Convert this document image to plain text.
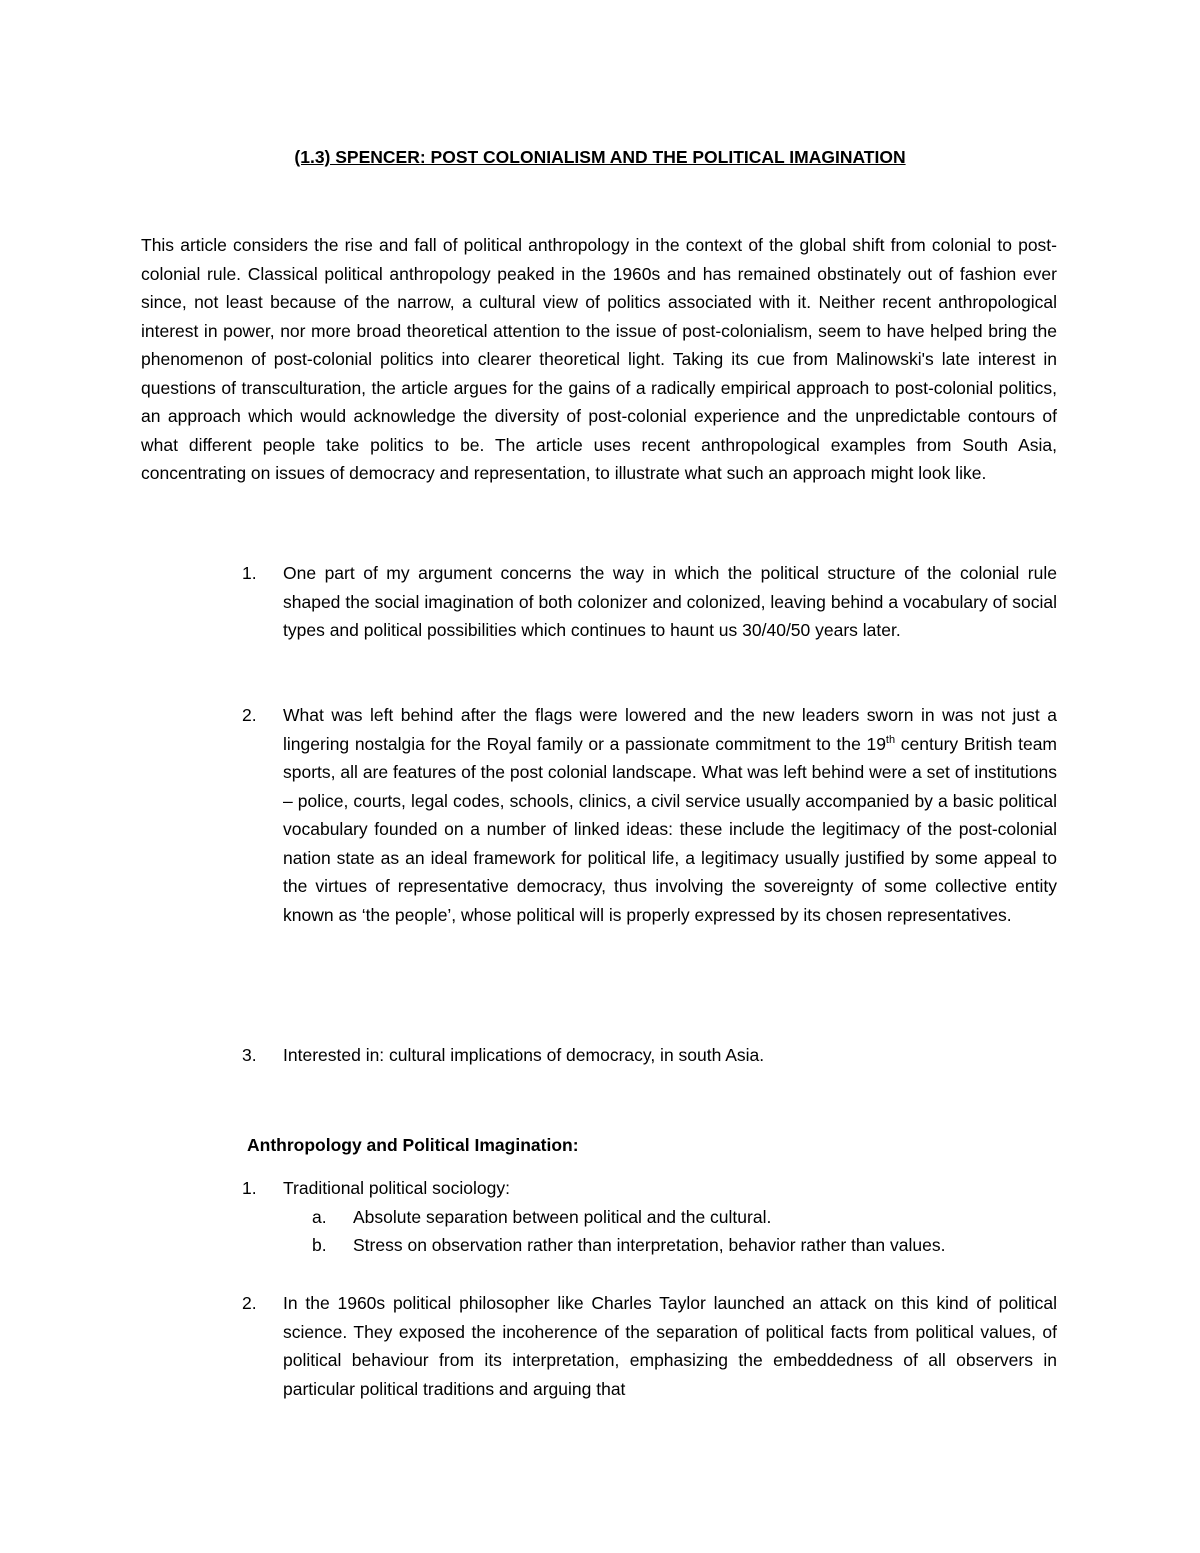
(1.3) SPENCER: POST COLONIALISM AND THE POLITICAL IMAGINATION
This article considers the rise and fall of political anthropology in the context of the global shift from colonial to post-colonial rule. Classical political anthropology peaked in the 1960s and has remained obstinately out of fashion ever since, not least because of the narrow, a cultural view of politics associated with it. Neither recent anthropological interest in power, nor more broad theoretical attention to the issue of post-colonialism, seem to have helped bring the phenomenon of post-colonial politics into clearer theoretical light. Taking its cue from Malinowski's late interest in questions of transculturation, the article argues for the gains of a radically empirical approach to post-colonial politics, an approach which would acknowledge the diversity of post-colonial experience and the unpredictable contours of what different people take politics to be. The article uses recent anthropological examples from South Asia, concentrating on issues of democracy and representation, to illustrate what such an approach might look like.
1. One part of my argument concerns the way in which the political structure of the colonial rule shaped the social imagination of both colonizer and colonized, leaving behind a vocabulary of social types and political possibilities which continues to haunt us 30/40/50 years later.
2. What was left behind after the flags were lowered and the new leaders sworn in was not just a lingering nostalgia for the Royal family or a passionate commitment to the 19th century British team sports, all are features of the post colonial landscape. What was left behind were a set of institutions – police, courts, legal codes, schools, clinics, a civil service usually accompanied by a basic political vocabulary founded on a number of linked ideas: these include the legitimacy of the post-colonial nation state as an ideal framework for political life, a legitimacy usually justified by some appeal to the virtues of representative democracy, thus involving the sovereignty of some collective entity known as ‘the people’, whose political will is properly expressed by its chosen representatives.
3. Interested in: cultural implications of democracy, in south Asia.
Anthropology and Political Imagination:
1. Traditional political sociology:
a. Absolute separation between political and the cultural.
b. Stress on observation rather than interpretation, behavior rather than values.
2. In the 1960s political philosopher like Charles Taylor launched an attack on this kind of political science. They exposed the incoherence of the separation of political facts from political values, of political behaviour from its interpretation, emphasizing the embeddedness of all observers in particular political traditions and arguing that
